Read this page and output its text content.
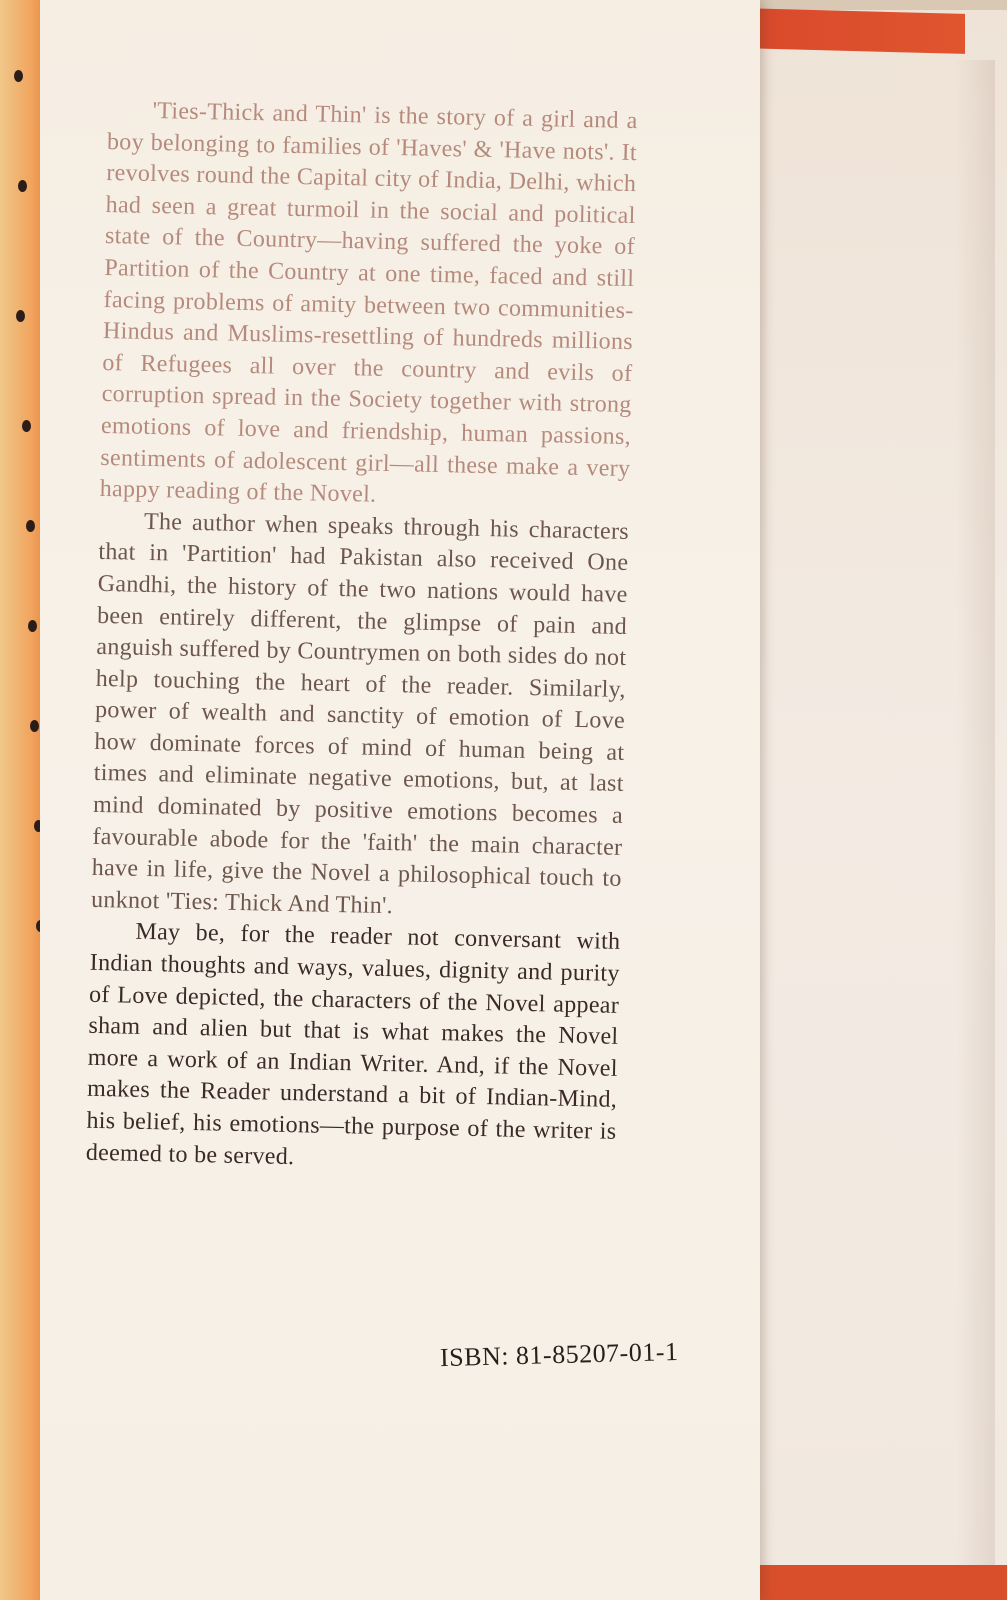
'Ties-Thick and Thin' is the story of a girl and a boy belonging to families of 'Haves' & 'Have nots'. It revolves round the Capital city of India, Delhi, which had seen a great turmoil in the social and political state of the Country—having suffered the yoke of Partition of the Country at one time, faced and still facing problems of amity between two communities-Hindus and Muslims-resettling of hundreds millions of Refugees all over the country and evils of corruption spread in the Society together with strong emotions of love and friendship, human passions, sentiments of adolescent girl—all these make a very happy reading of the Novel.

The author when speaks through his characters that in 'Partition' had Pakistan also received One Gandhi, the history of the two nations would have been entirely different, the glimpse of pain and anguish suffered by Countrymen on both sides do not help touching the heart of the reader. Similarly, power of wealth and sanctity of emotion of Love how dominate forces of mind of human being at times and eliminate negative emotions, but, at last mind dominated by positive emotions becomes a favourable abode for the 'faith' the main character have in life, give the Novel a philosophical touch to unknot 'Ties: Thick And Thin'.

May be, for the reader not conversant with Indian thoughts and ways, values, dignity and purity of Love depicted, the characters of the Novel appear sham and alien but that is what makes the Novel more a work of an Indian Writer. And, if the Novel makes the Reader understand a bit of Indian-Mind, his belief, his emotions—the purpose of the writer is deemed to be served.

ISBN: 81-85207-01-1
